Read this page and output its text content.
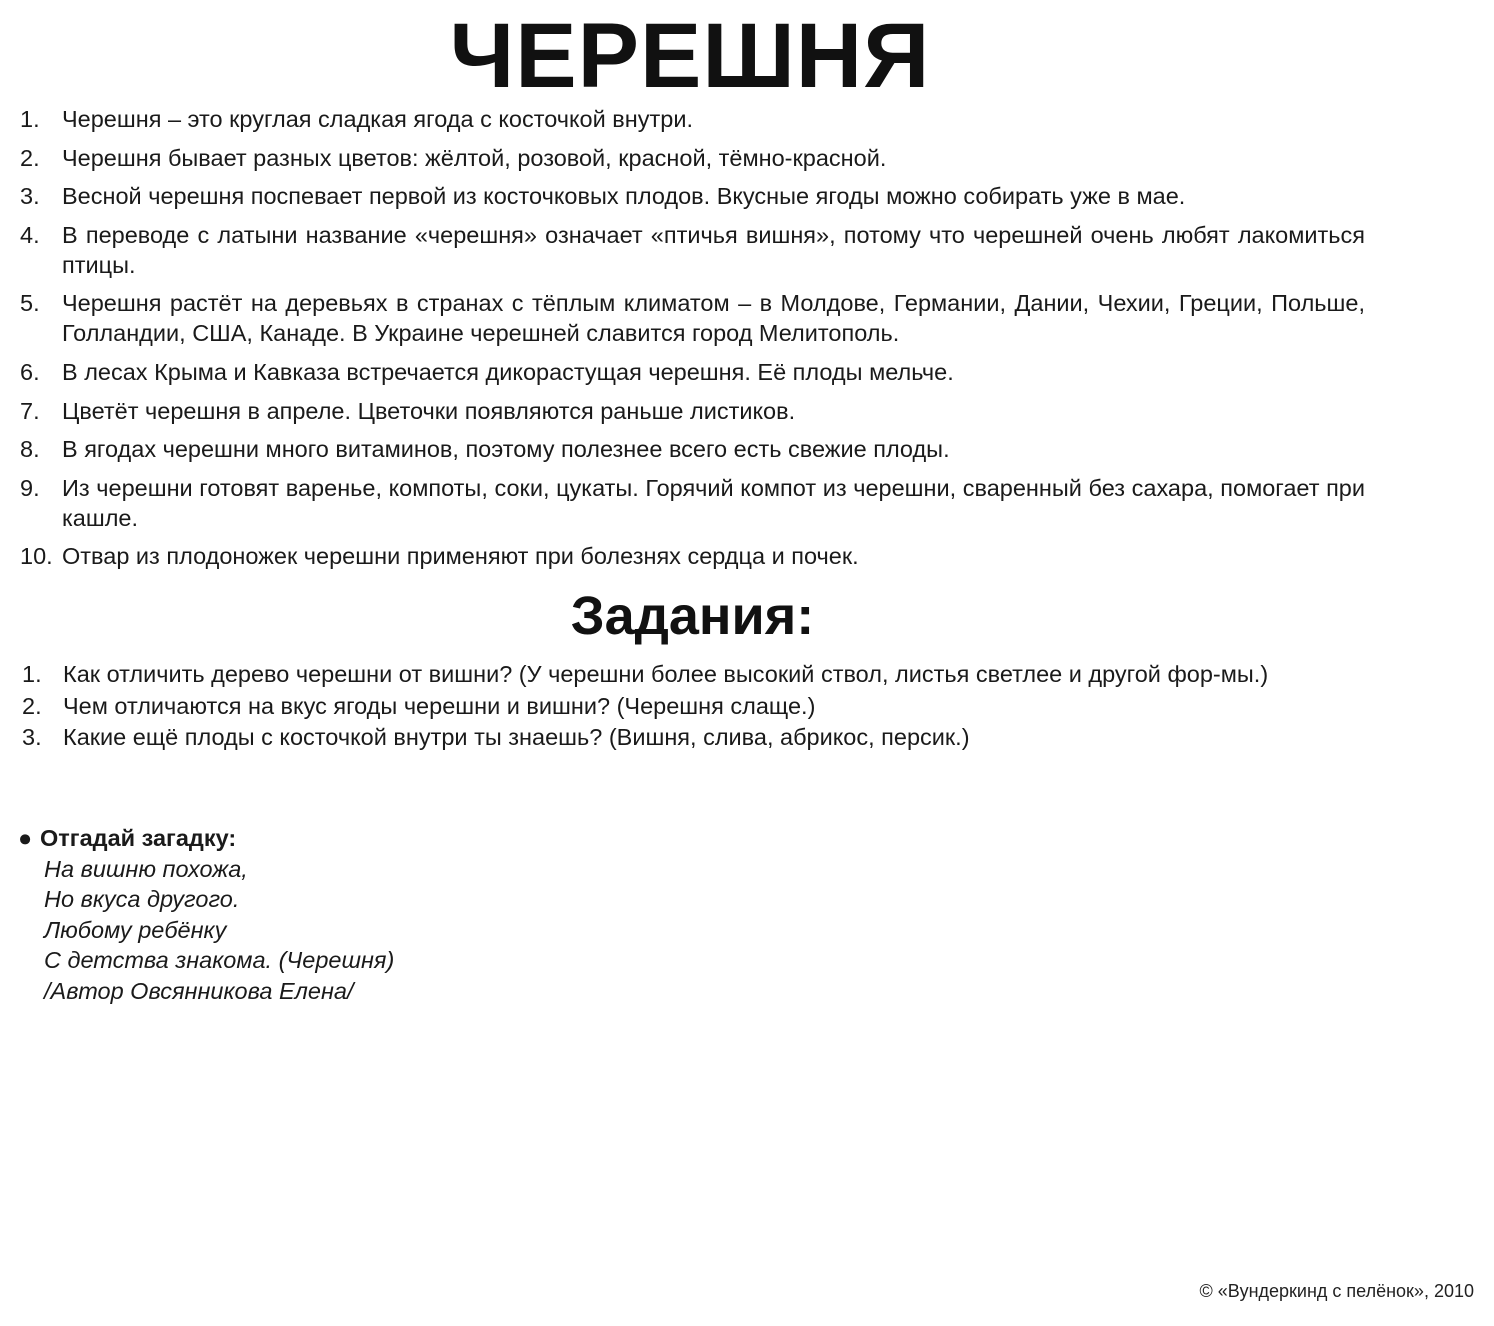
ЧЕРЕШНЯ
1. Черешня – это круглая сладкая ягода с косточкой внутри.
2. Черешня бывает разных цветов: жёлтой, розовой, красной, тёмно-красной.
3. Весной черешня поспевает первой из косточковых плодов. Вкусные ягоды можно собирать уже в мае.
4. В переводе с латыни название «черешня» означает «птичья вишня», потому что черешней очень любят лакомиться птицы.
5. Черешня растёт на деревьях в странах с тёплым климатом – в Молдове, Германии, Дании, Чехии, Греции, Польше, Голландии, США, Канаде. В Украине черешней славится город Мелитополь.
6. В лесах Крыма и Кавказа встречается дикорастущая черешня. Её плоды мельче.
7. Цветёт черешня в апреле. Цветочки появляются раньше листиков.
8. В ягодах черешни много витаминов, поэтому полезнее всего есть свежие плоды.
9. Из черешни готовят варенье, компоты, соки, цукаты. Горячий компот из черешни, сваренный без сахара, помогает при кашле.
10. Отвар из плодоножек черешни применяют при болезнях сердца и почек.
Задания:
1. Как отличить дерево черешни от вишни? (У черешни более высокий ствол, листья светлее и другой фор-мы.)
2. Чем отличаются на вкус ягоды черешни и вишни? (Черешня слаще.)
3. Какие ещё плоды с косточкой внутри ты знаешь? (Вишня, слива, абрикос, персик.)
● Отгадай загадку:
На вишню похожа,
Но вкуса другого.
Любому ребёнку
С детства знакома. (Черешня)
/Автор Овсянникова Елена/
© «Вундеркинд с пелёнок», 2010
